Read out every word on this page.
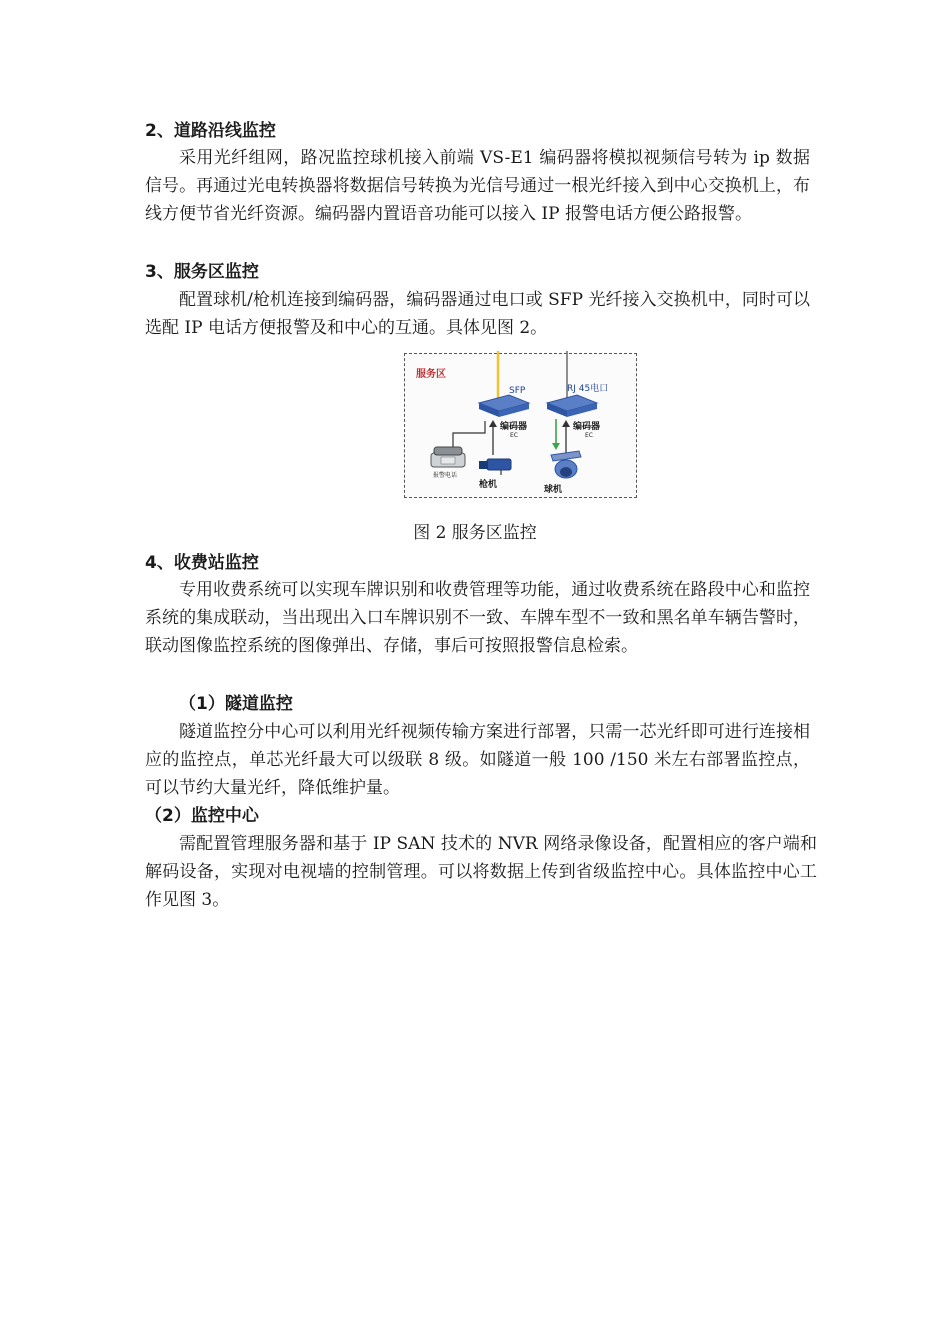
2、道路沿线监控
采用光纤组网，路况监控球机接入前端 VS-E1 编码器将模拟视频信号转为 ip 数据信号。再通过光电转换器将数据信号转换为光信号通过一根光纤接入到中心交换机上，布线方便节省光纤资源。编码器内置语音功能可以接入 IP 报警电话方便公路报警。
3、服务区监控
配置球机/枪机连接到编码器，编码器通过电口或 SFP 光纤接入交换机中，同时可以选配 IP 电话方便报警及和中心的互通。具体见图 2。
服务区
SFP	RJ 45电口
编码器
EC
编码器
EC
报警电话
枪机	球机
图 2 服务区监控
4、收费站监控
专用收费系统可以实现车牌识别和收费管理等功能，通过收费系统在路段中心和监控系统的集成联动，当出现出入口车牌识别不一致、车牌车型不一致和黑名单车辆告警时，联动图像监控系统的图像弹出、存储，事后可按照报警信息检索。
（1）隧道监控
隧道监控分中心可以利用光纤视频传输方案进行部署，只需一芯光纤即可进行连接相应的监控点，单芯光纤最大可以级联 8 级。如隧道一般 100 /150 米左右部署监控点，可以节约大量光纤，降低维护量。
（2）监控中心
需配置管理服务器和基于 IP SAN 技术的 NVR 网络录像设备，配置相应的客户端和解码设备，实现对电视墙的控制管理。可以将数据上传到省级监控中心。具体监控中心工作见图 3。
